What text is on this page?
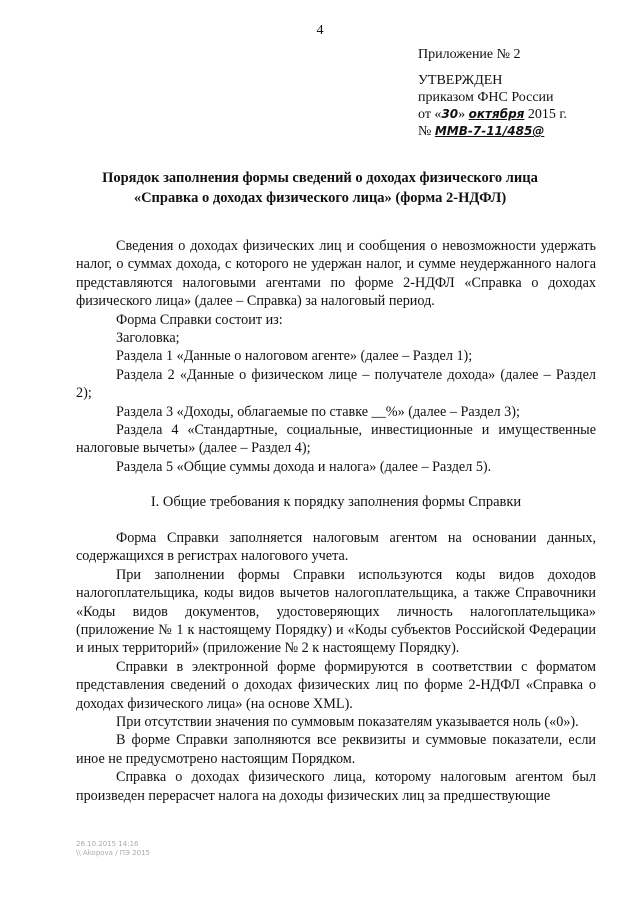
4
Приложение № 2
УТВЕРЖДЕН
приказом ФНС России
от «30» октября 2015 г.
№ ММВ-7-11/485@
Порядок заполнения формы сведений о доходах физического лица
«Справка о доходах физического лица» (форма 2-НДФЛ)

Сведения о доходах физических лиц и сообщения о невозможности удержать налог, о суммах дохода, с которого не удержан налог, и сумме неудержанного налога представляются налоговыми агентами по форме 2-НДФЛ «Справка о доходах физического лица» (далее – Справка) за налоговый период.

Форма Справки состоит из:

Заголовка;

Раздела 1 «Данные о налоговом агенте» (далее – Раздел 1);

Раздела 2 «Данные о физическом лице – получателе дохода» (далее – Раздел 2);

Раздела 3 «Доходы, облагаемые по ставке __%» (далее – Раздел 3);

Раздела 4 «Стандартные, социальные, инвестиционные и имущественные налоговые вычеты» (далее – Раздел 4);

Раздела 5 «Общие суммы дохода и налога» (далее – Раздел 5).

I. Общие требования к порядку заполнения формы Справки

Форма Справки заполняется налоговым агентом на основании данных, содержащихся в регистрах налогового учета.

При заполнении формы Справки используются коды видов доходов налогоплательщика, коды видов вычетов налогоплательщика, а также Справочники «Коды видов документов, удостоверяющих личность налогоплательщика» (приложение № 1 к настоящему Порядку) и «Коды субъектов Российской Федерации и иных территорий» (приложение № 2 к настоящему Порядку).

Справки в электронной форме формируются в соответствии с форматом представления сведений о доходах физических лиц по форме 2-НДФЛ «Справка о доходах физического лица» (на основе XML).

При отсутствии значения по суммовым показателям указывается ноль («0»).

В форме Справки заполняются все реквизиты и суммовые показатели, если иное не предусмотрено настоящим Порядком.

Справка о доходах физического лица, которому налоговым агентом был произведен перерасчет налога на доходы физических лиц за предшествующие

26.10.2015 14:16
\\ Akopova / ПЭ 2015
